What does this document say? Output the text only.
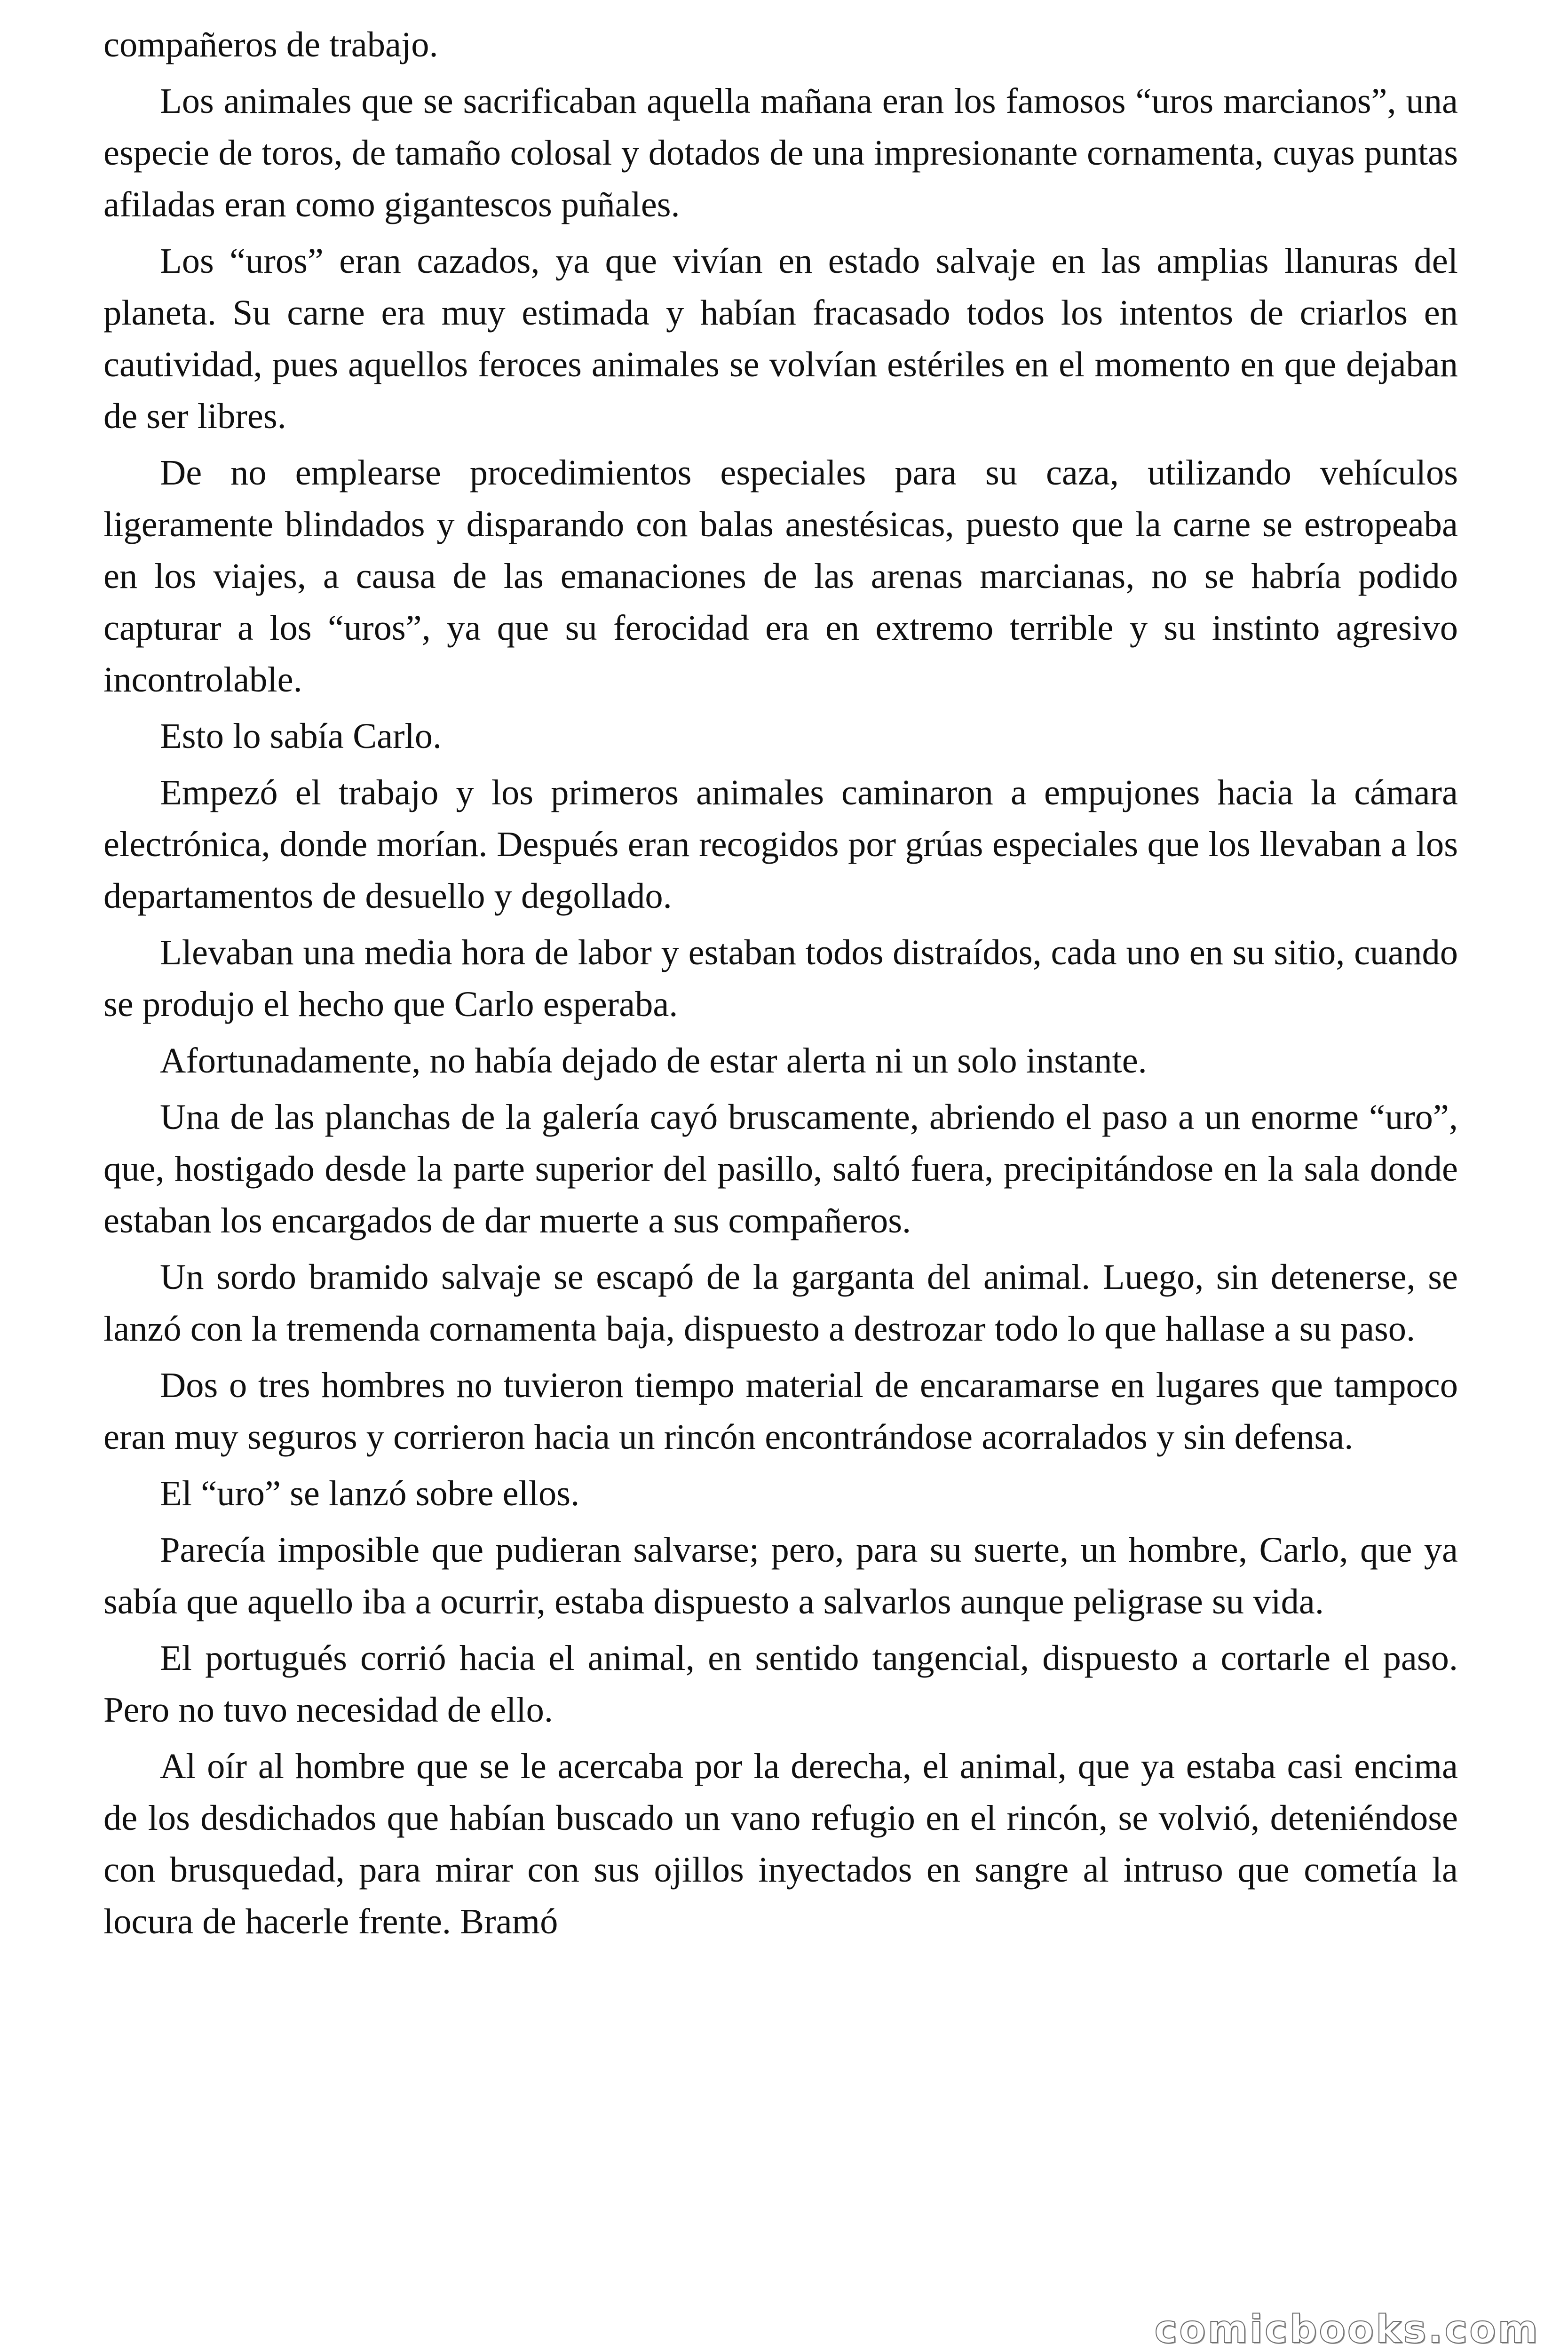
compañeros de trabajo.

Los animales que se sacrificaban aquella mañana eran los famosos “uros marcianos”, una especie de toros, de tamaño colosal y dotados de una impresionante cornamenta, cuyas puntas afiladas eran como gigantescos puñales.

Los “uros” eran cazados, ya que vivían en estado salvaje en las amplias llanuras del planeta. Su carne era muy estimada y habían fracasado todos los intentos de criarlos en cautividad, pues aquellos feroces animales se volvían estériles en el momento en que dejaban de ser libres.

De no emplearse procedimientos especiales para su caza, utilizando vehículos ligeramente blindados y disparando con balas anestésicas, puesto que la carne se estropeaba en los viajes, a causa de las emanaciones de las arenas marcianas, no se habría podido capturar a los “uros”, ya que su ferocidad era en extremo terrible y su instinto agresivo incontrolable.

Esto lo sabía Carlo.

Empezó el trabajo y los primeros animales caminaron a empujones hacia la cámara electrónica, donde morían. Después eran recogidos por grúas especiales que los llevaban a los departamentos de desuello y degollado.

Llevaban una media hora de labor y estaban todos distraídos, cada uno en su sitio, cuando se produjo el hecho que Carlo esperaba.

Afortunadamente, no había dejado de estar alerta ni un solo instante.

Una de las planchas de la galería cayó bruscamente, abriendo el paso a un enorme “uro”, que, hostigado desde la parte superior del pasillo, saltó fuera, precipitándose en la sala donde estaban los encargados de dar muerte a sus compañeros.

Un sordo bramido salvaje se escapó de la garganta del animal. Luego, sin detenerse, se lanzó con la tremenda cornamenta baja, dispuesto a destrozar todo lo que hallase a su paso.

Dos o tres hombres no tuvieron tiempo material de encaramarse en lugares que tampoco eran muy seguros y corrieron hacia un rincón encontrándose acorralados y sin defensa.

El “uro” se lanzó sobre ellos.

Parecía imposible que pudieran salvarse; pero, para su suerte, un hombre, Carlo, que ya sabía que aquello iba a ocurrir, estaba dispuesto a salvarlos aunque peligrase su vida.

El portugués corrió hacia el animal, en sentido tangencial, dispuesto a cortarle el paso. Pero no tuvo necesidad de ello.

Al oír al hombre que se le acercaba por la derecha, el animal, que ya estaba casi encima de los desdichados que habían buscado un vano refugio en el rincón, se volvió, deteniéndose con brusquedad, para mirar con sus ojillos inyectados en sangre al intruso que cometía la locura de hacerle frente. Bramó

comicbooks.com
